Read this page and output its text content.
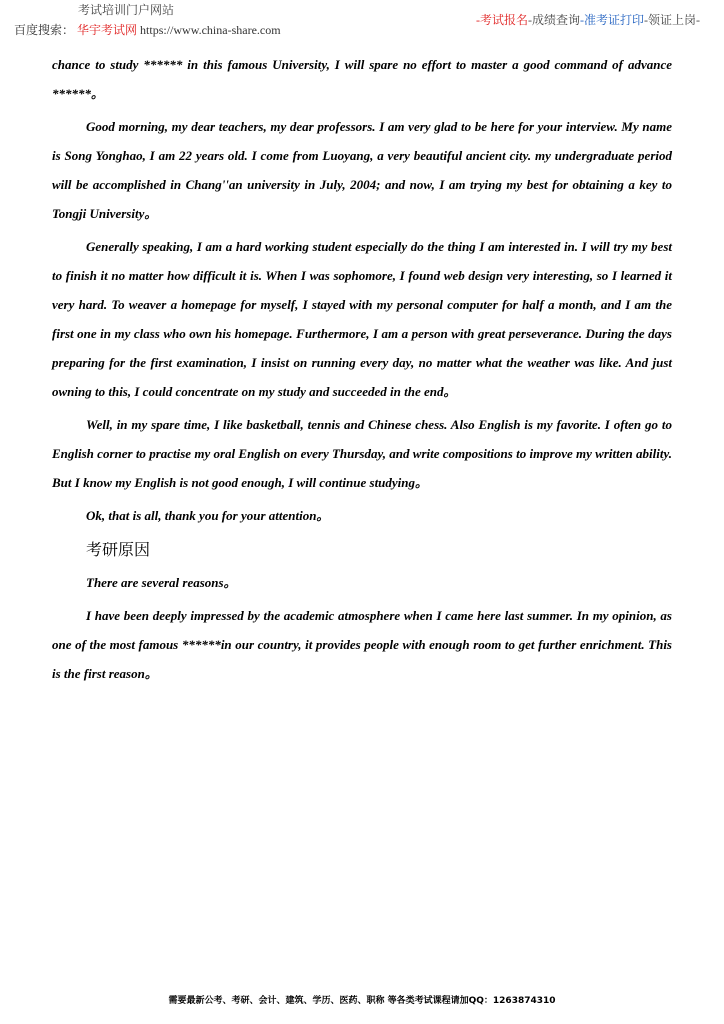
考试培训门户网站
百度搜索： 华宇考试网 https://www.china-share.com
-考试报名-成绩查询-准考证打印-领证上岗-

chance to study ****** in this famous University, I will spare no effort to master a good command of advance ******。

Good morning, my dear teachers, my dear professors. I am very glad to be here for your interview. My name is Song Yonghao, I am 22 years old. I come from Luoyang, a very beautiful ancient city. my undergraduate period will be accomplished in Chang''an university in July, 2004; and now, I am trying my best for obtaining a key to Tongji University。

Generally speaking, I am a hard working student especially do the thing I am interested in. I will try my best to finish it no matter how difficult it is. When I was sophomore, I found web design very interesting, so I learned it very hard. To weaver a homepage for myself, I stayed with my personal computer for half a month, and I am the first one in my class who own his homepage. Furthermore, I am a person with great perseverance. During the days preparing for the first examination, I insist on running every day, no matter what the weather was like. And just owning to this, I could concentrate on my study and succeeded in the end。

Well, in my spare time, I like basketball, tennis and Chinese chess. Also English is my favorite. I often go to English corner to practise my oral English on every Thursday, and write compositions to improve my written ability. But I know my English is not good enough, I will continue studying。

Ok, that is all, thank you for your attention。

考研原因

There are several reasons。

I have been deeply impressed by the academic atmosphere when I came here last summer. In my opinion, as one of the most famous ******in our country, it provides people with enough room to get further enrichment. This is the first reason。

需要最新公考、考研、会计、建筑、学历、医药、职称 等各类考试课程请加QQ：1263874310
